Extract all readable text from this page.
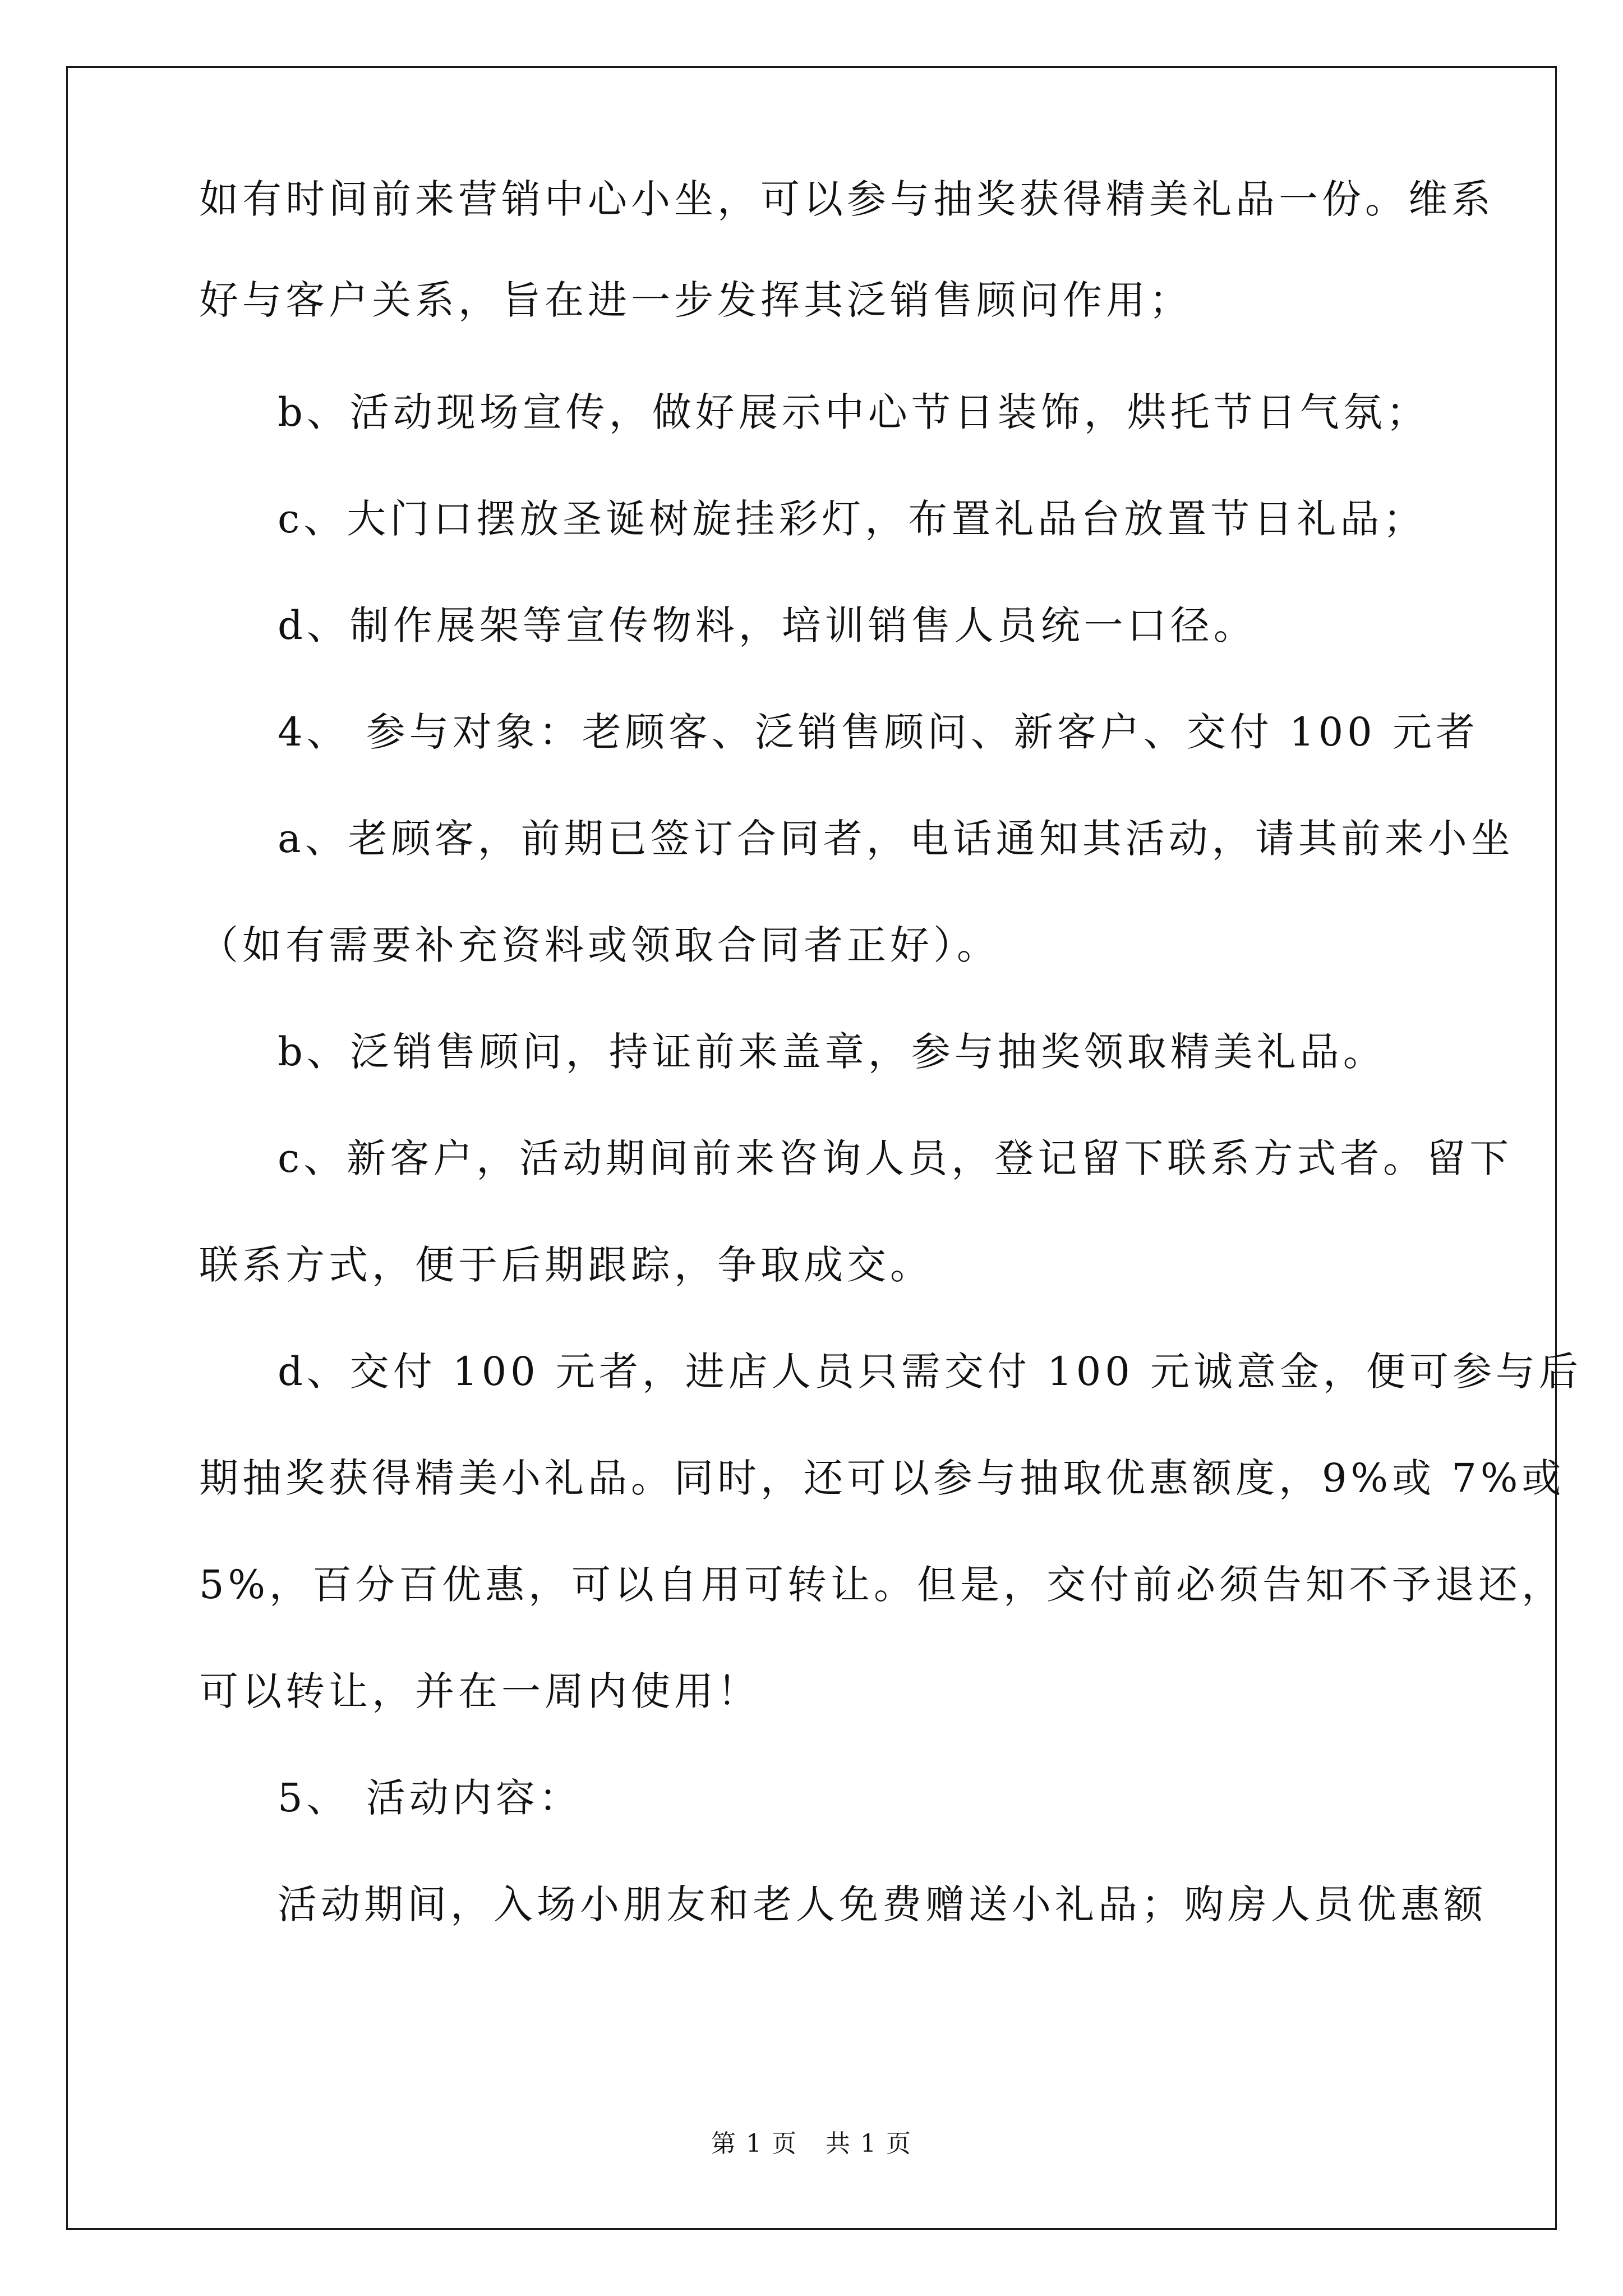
如有时间前来营销中心小坐，可以参与抽奖获得精美礼品一份。维系
好与客户关系，旨在进一步发挥其泛销售顾问作用；
b、活动现场宣传，做好展示中心节日装饰，烘托节日气氛；
c、大门口摆放圣诞树旋挂彩灯，布置礼品台放置节日礼品；
d、制作展架等宣传物料，培训销售人员统一口径。
4、 参与对象：老顾客、泛销售顾问、新客户、交付 100 元者
a、老顾客，前期已签订合同者，电话通知其活动，请其前来小坐
（如有需要补充资料或领取合同者正好）。
b、泛销售顾问，持证前来盖章，参与抽奖领取精美礼品。
c、新客户，活动期间前来咨询人员，登记留下联系方式者。留下
联系方式，便于后期跟踪，争取成交。
d、交付 100 元者，进店人员只需交付 100 元诚意金，便可参与后
期抽奖获得精美小礼品。同时，还可以参与抽取优惠额度，9%或 7%或
5%，百分百优惠，可以自用可转让。但是，交付前必须告知不予退还，
可以转让，并在一周内使用！
5、 活动内容：
活动期间，入场小朋友和老人免费赠送小礼品；购房人员优惠额
第 1 页 共 1 页
